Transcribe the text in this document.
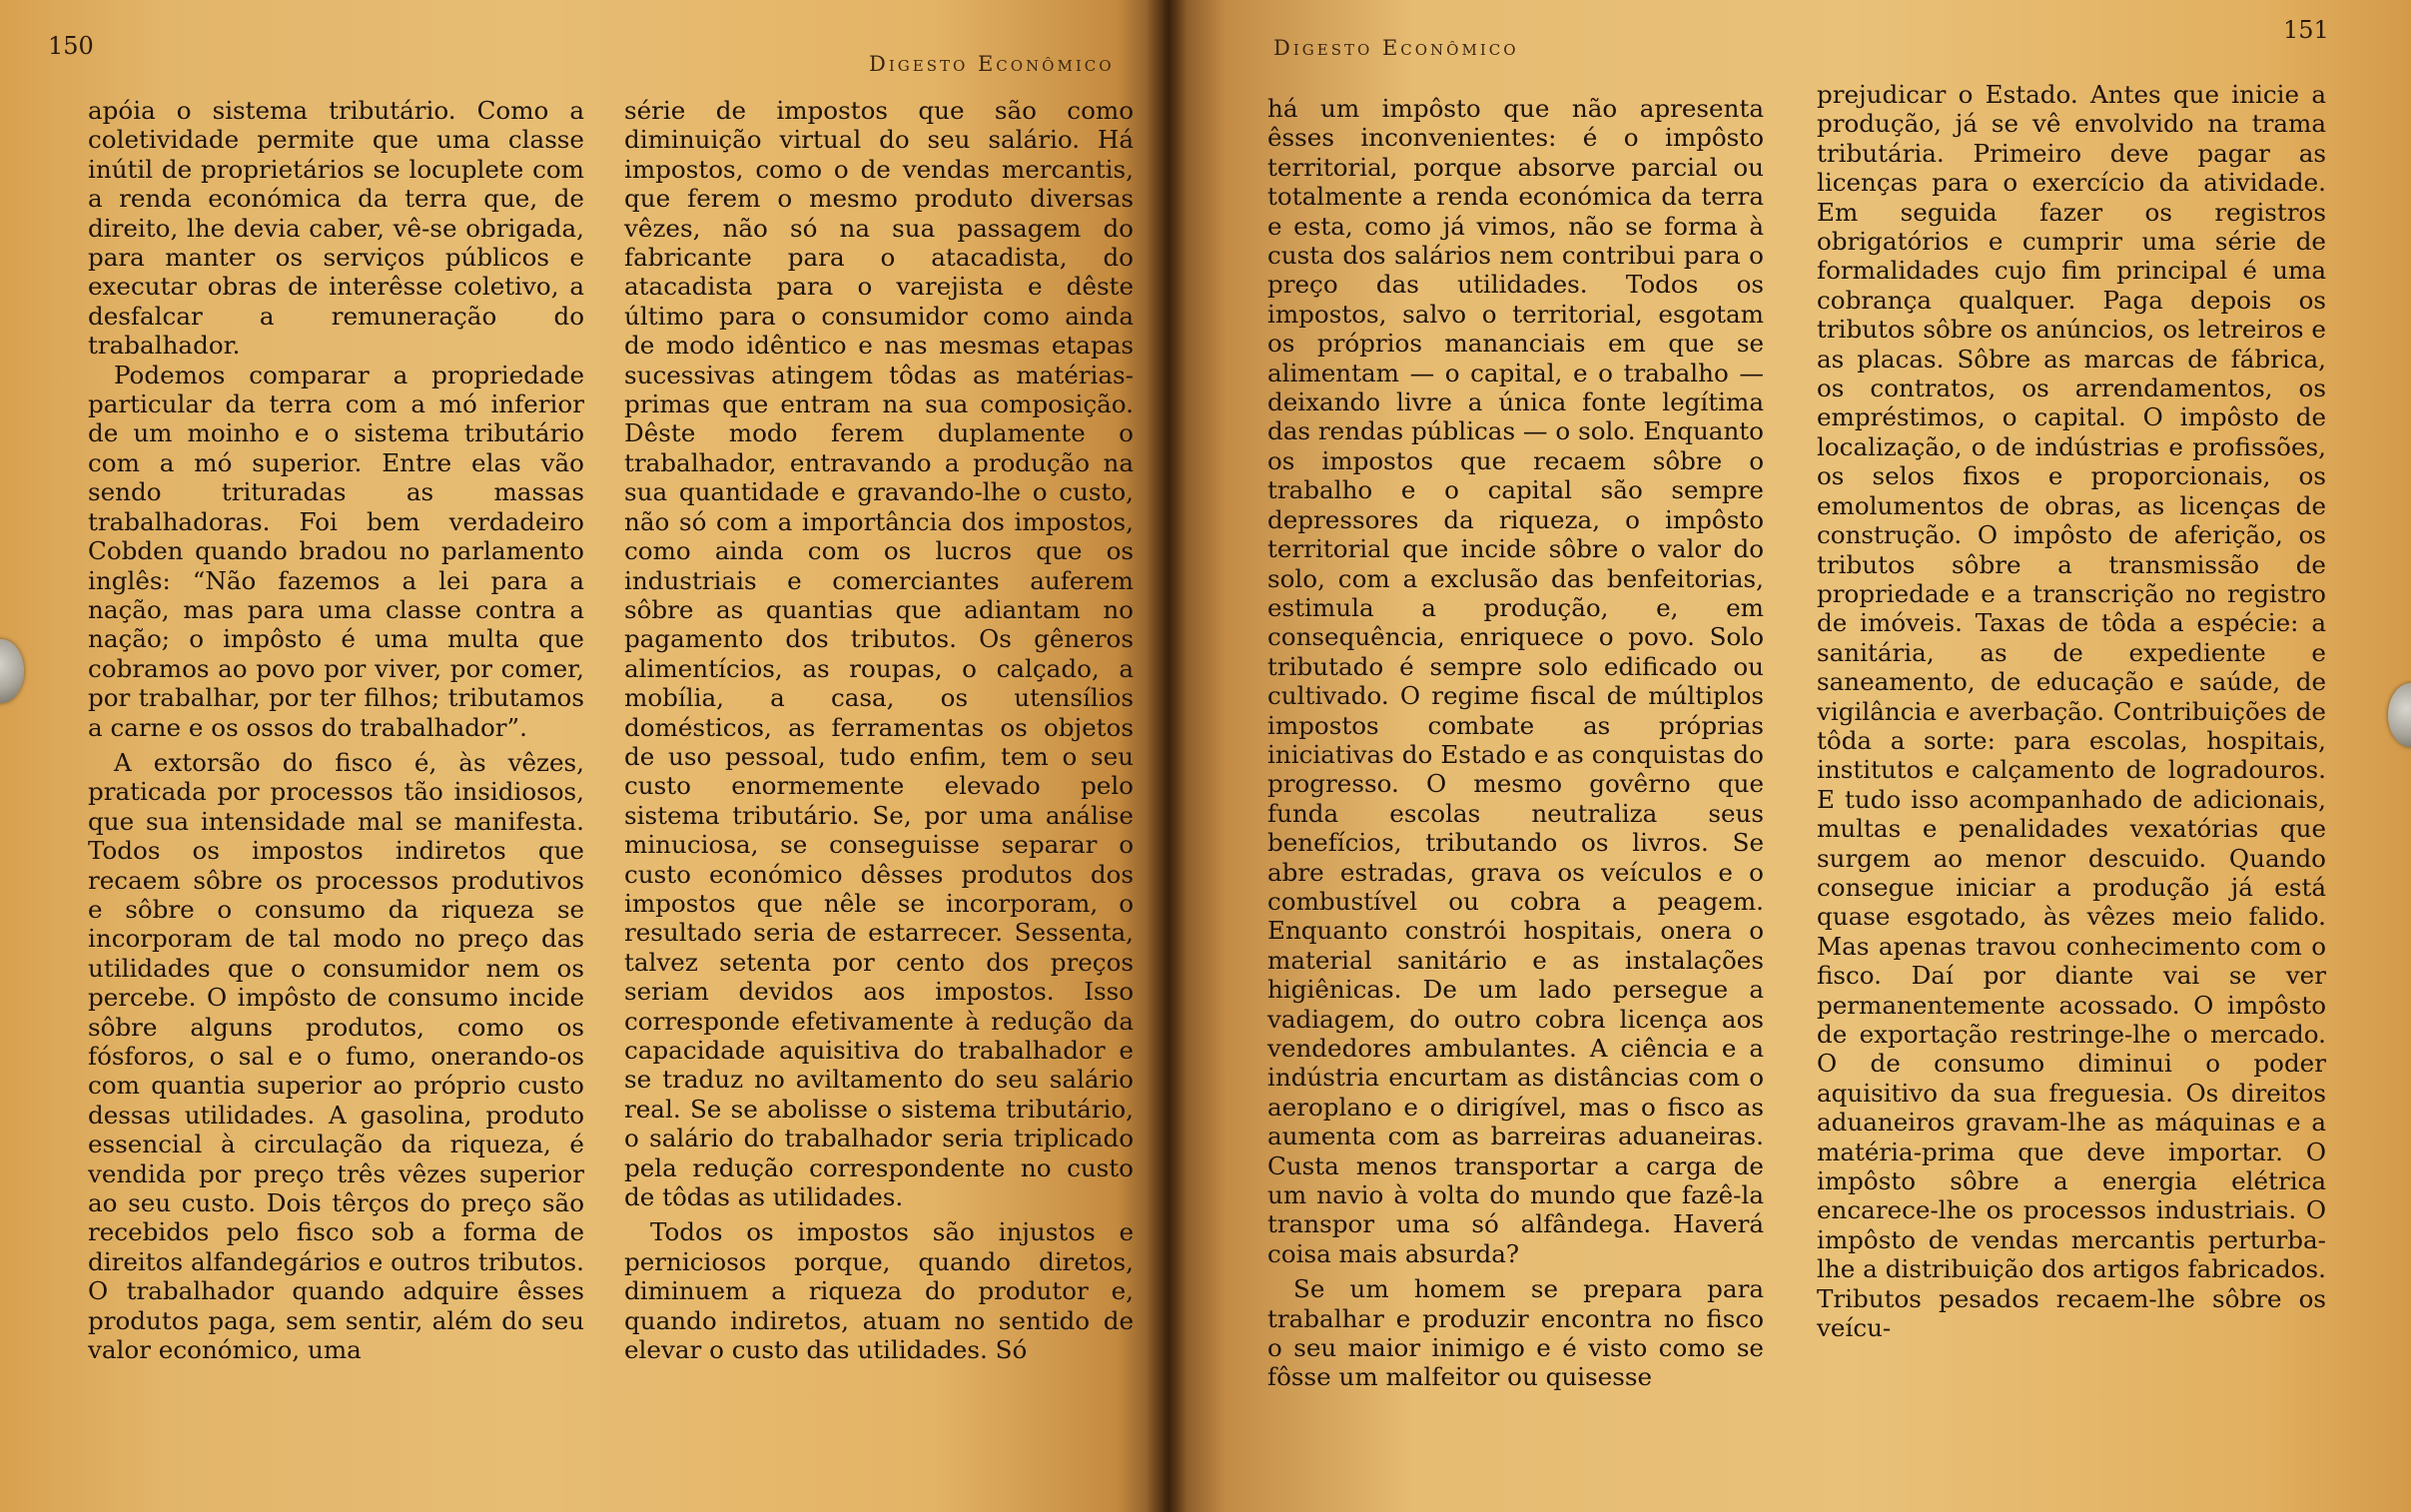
150
Digesto Econômico

apóia o sistema tributário. Como a coletividade permite que uma classe inútil de proprietários se locuplete com a renda económica da terra que, de direito, lhe devia caber, vê-se obrigada, para manter os serviços públicos e executar obras de interêsse coletivo, a desfalcar a remuneração do trabalhador.

Podemos comparar a propriedade particular da terra com a mó inferior de um moinho e o sistema tributário com a mó superior. Entre elas vão sendo trituradas as massas trabalhadoras. Foi bem verdadeiro Cobden quando bradou no parlamento inglês: “Não fazemos a lei para a nação, mas para uma classe contra a nação; o impôsto é uma multa que cobramos ao povo por viver, por comer, por trabalhar, por ter filhos; tributamos a carne e os ossos do trabalhador”.

A extorsão do fisco é, às vêzes, praticada por processos tão insidiosos, que sua intensidade mal se manifesta. Todos os impostos indiretos que recaem sôbre os processos produtivos e sôbre o consumo da riqueza se incorporam de tal modo no preço das utilidades que o consumidor nem os percebe. O impôsto de consumo incide sôbre alguns produtos, como os fósforos, o sal e o fumo, onerando-os com quantia superior ao próprio custo dessas utilidades. A gasolina, produto essencial à circulação da riqueza, é vendida por preço três vêzes superior ao seu custo. Dois têrços do preço são recebidos pelo fisco sob a forma de direitos alfandegários e outros tributos. O trabalhador quando adquire êsses produtos paga, sem sentir, além do seu valor económico, uma

série de impostos que são como diminuição virtual do seu salário. Há impostos, como o de vendas mercantis, que ferem o mesmo produto diversas vêzes, não só na sua passagem do fabricante para o atacadista, do atacadista para o varejista e dêste último para o consumidor como ainda de modo idêntico e nas mesmas etapas sucessivas atingem tôdas as matérias-primas que entram na sua composição. Dêste modo ferem duplamente o trabalhador, entravando a produção na sua quantidade e gravando-lhe o custo, não só com a importância dos impostos, como ainda com os lucros que os industriais e comerciantes auferem sôbre as quantias que adiantam no pagamento dos tributos. Os gêneros alimentícios, as roupas, o calçado, a mobília, a casa, os utensílios domésticos, as ferramentas os objetos de uso pessoal, tudo enfim, tem o seu custo enormemente elevado pelo sistema tributário. Se, por uma análise minuciosa, se conseguisse separar o custo económico dêsses produtos dos impostos que nêle se incorporam, o resultado seria de estarrecer. Sessenta, talvez setenta por cento dos preços seriam devidos aos impostos. Isso corresponde efetivamente à redução da capacidade aquisitiva do trabalhador e se traduz no aviltamento do seu salário real. Se se abolisse o sistema tributário, o salário do trabalhador seria triplicado pela redução correspondente no custo de tôdas as utilidades.

Todos os impostos são injustos e perniciosos porque, quando diretos, diminuem a riqueza do produtor e, quando indiretos, atuam no sentido de elevar o custo das utilidades. Só

151
Digesto Econômico

há um impôsto que não apresenta êsses inconvenientes: é o impôsto territorial, porque absorve parcial ou totalmente a renda económica da terra e esta, como já vimos, não se forma à custa dos salários nem contribui para o preço das utilidades. Todos os impostos, salvo o territorial, esgotam os próprios mananciais em que se alimentam — o capital, e o trabalho — deixando livre a única fonte legítima das rendas públicas — o solo. Enquanto os impostos que recaem sôbre o trabalho e o capital são sempre depressores da riqueza, o impôsto territorial que incide sôbre o valor do solo, com a exclusão das benfeitorias, estimula a produção, e, em consequência, enriquece o povo. Solo tributado é sempre solo edificado ou cultivado. O regime fiscal de múltiplos impostos combate as próprias iniciativas do Estado e as conquistas do progresso. O mesmo govêrno que funda escolas neutraliza seus benefícios, tributando os livros. Se abre estradas, grava os veículos e o combustível ou cobra a peagem. Enquanto constrói hospitais, onera o material sanitário e as instalações higiênicas. De um lado persegue a vadiagem, do outro cobra licença aos vendedores ambulantes. A ciência e a indústria encurtam as distâncias com o aeroplano e o dirigível, mas o fisco as aumenta com as barreiras aduaneiras. Custa menos transportar a carga de um navio à volta do mundo que fazê-la transpor uma só alfândega. Haverá coisa mais absurda?

Se um homem se prepara para trabalhar e produzir encontra no fisco o seu maior inimigo e é visto como se fôsse um malfeitor ou quisesse

prejudicar o Estado. Antes que inicie a produção, já se vê envolvido na trama tributária. Primeiro deve pagar as licenças para o exercício da atividade. Em seguida fazer os registros obrigatórios e cumprir uma série de formalidades cujo fim principal é uma cobrança qualquer. Paga depois os tributos sôbre os anúncios, os letreiros e as placas. Sôbre as marcas de fábrica, os contratos, os arrendamentos, os empréstimos, o capital. O impôsto de localização, o de indústrias e profissões, os selos fixos e proporcionais, os emolumentos de obras, as licenças de construção. O impôsto de aferição, os tributos sôbre a transmissão de propriedade e a transcrição no registro de imóveis. Taxas de tôda a espécie: a sanitária, as de expediente e saneamento, de educação e saúde, de vigilância e averbação. Contribuições de tôda a sorte: para escolas, hospitais, institutos e calçamento de logradouros. E tudo isso acompanhado de adicionais, multas e penalidades vexatórias que surgem ao menor descuido. Quando consegue iniciar a produção já está quase esgotado, às vêzes meio falido. Mas apenas travou conhecimento com o fisco. Daí por diante vai se ver permanentemente acossado. O impôsto de exportação restringe-lhe o mercado. O de consumo diminui o poder aquisitivo da sua freguesia. Os direitos aduaneiros gravam-lhe as máquinas e a matéria-prima que deve importar. O impôsto sôbre a energia elétrica encarece-lhe os processos industriais. O impôsto de vendas mercantis perturba-lhe a distribuição dos artigos fabricados. Tributos pesados recaem-lhe sôbre os veícu-
